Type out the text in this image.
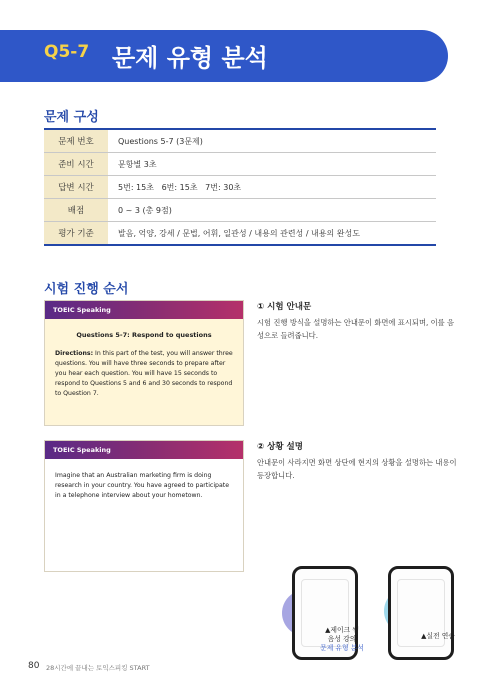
Q5-7 문제 유형 분석
문제 구성
문제 번호	Questions 5-7 (3문제)
준비 시간	문항별 3초
답변 시간	5번: 15초   6번: 15초   7번: 30초
배점	0 ~ 3 (총 9점)
평가 기준	발음, 억양, 강세 / 문법, 어휘, 일관성 / 내용의 관련성 / 내용의 완성도
시험 진행 순서
TOEIC Speaking
Questions 5-7: Respond to questions
Directions: In this part of the test, you will answer three questions. You will have three seconds to prepare after you hear each question. You will have 15 seconds to respond to Questions 5 and 6 and 30 seconds to respond to Question 7.
TOEIC Speaking
Imagine that an Australian marketing firm is doing research in your country. You have agreed to participate in a telephone interview about your hometown.
① 시험 안내문
시험 진행 방식을 설명하는 안내문이 화면에 표시되며, 이를 음성으로 들려줍니다.
② 상황 설명
안내문이 사라지면 화면 상단에 현지의 상황을 설명하는 내용이 등장합니다.
▲제이크 쌤
음성 강의
문제 유형 분석
▲실전 연습
80 28시간에 끝내는 토익스피킹 START
